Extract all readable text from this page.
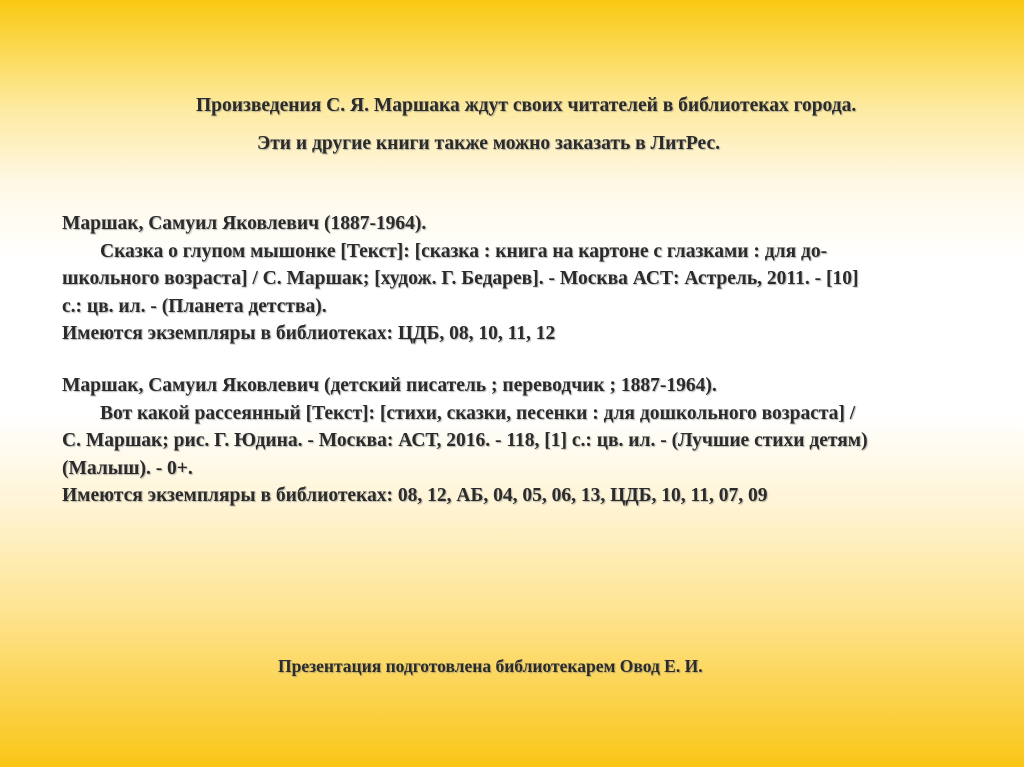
Произведения С. Я. Маршака ждут своих читателей в библиотеках города.
Эти и другие книги также можно заказать в ЛитРес.
Маршак, Самуил Яковлевич (1887-1964).
Сказка о глупом мышонке [Текст]: [сказка : книга на картоне с глазками : для до-
школьного возраста] / С. Маршак; [худож. Г. Бедарев]. - Москва АСТ: Астрель, 2011. - [10]
с.: цв. ил. - (Планета детства).
Имеются экземпляры в библиотеках: ЦДБ, 08, 10, 11, 12
Маршак, Самуил Яковлевич (детский писатель ; переводчик ; 1887-1964).
Вот какой рассеянный [Текст]: [стихи, сказки, песенки : для дошкольного возраста] /
С. Маршак; рис. Г. Юдина. - Москва: АСТ, 2016. - 118, [1] с.: цв. ил. - (Лучшие стихи детям)
(Малыш). - 0+.
Имеются экземпляры в библиотеках: 08, 12, АБ, 04, 05, 06, 13, ЦДБ, 10, 11, 07, 09
Презентация подготовлена библиотекарем Овод Е. И.
